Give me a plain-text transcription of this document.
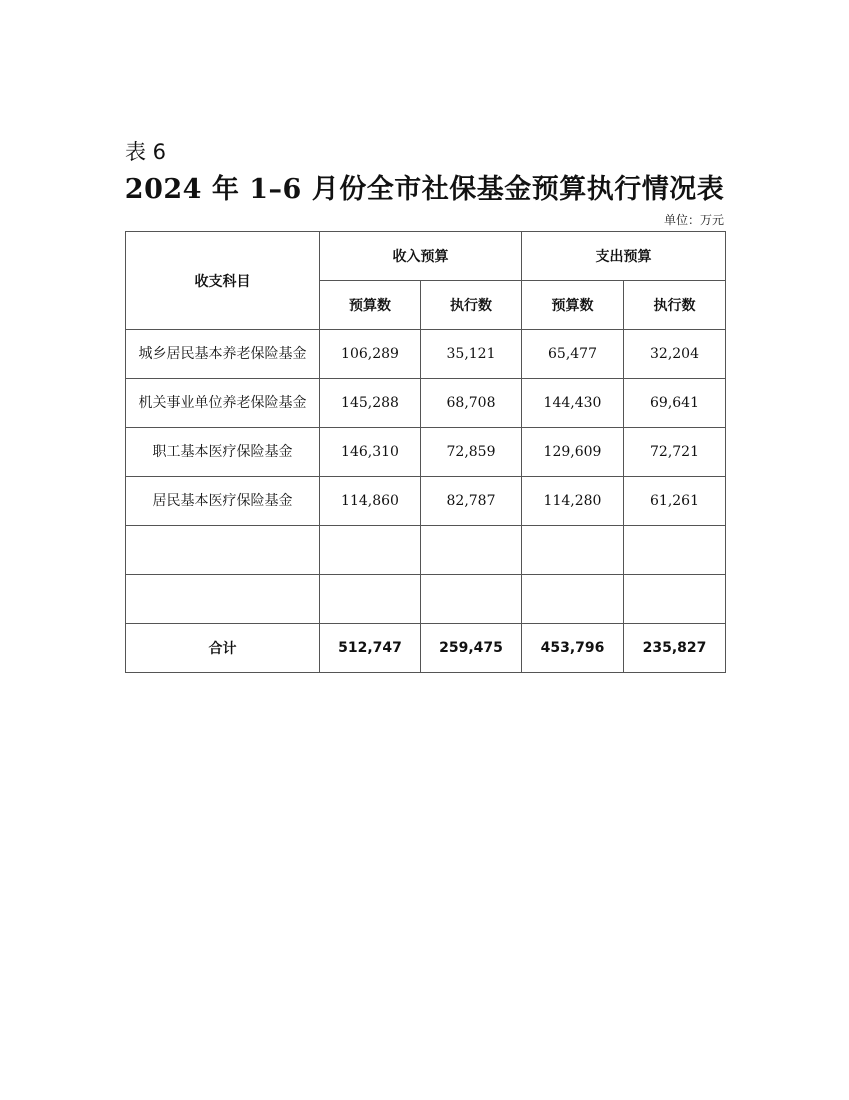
表 6
2024 年 1–6 月份全市社保基金预算执行情况表
单位：万元
收支科目	收入预算		支出预算	
	预算数	执行数	预算数	执行数
城乡居民基本养老保险基金	106,289	35,121	65,477	32,204
机关事业单位养老保险基金	145,288	68,708	144,430	69,641
职工基本医疗保险基金	146,310	72,859	129,609	72,721
居民基本医疗保险基金	114,860	82,787	114,280	61,261

合计	512,747	259,475	453,796	235,827
